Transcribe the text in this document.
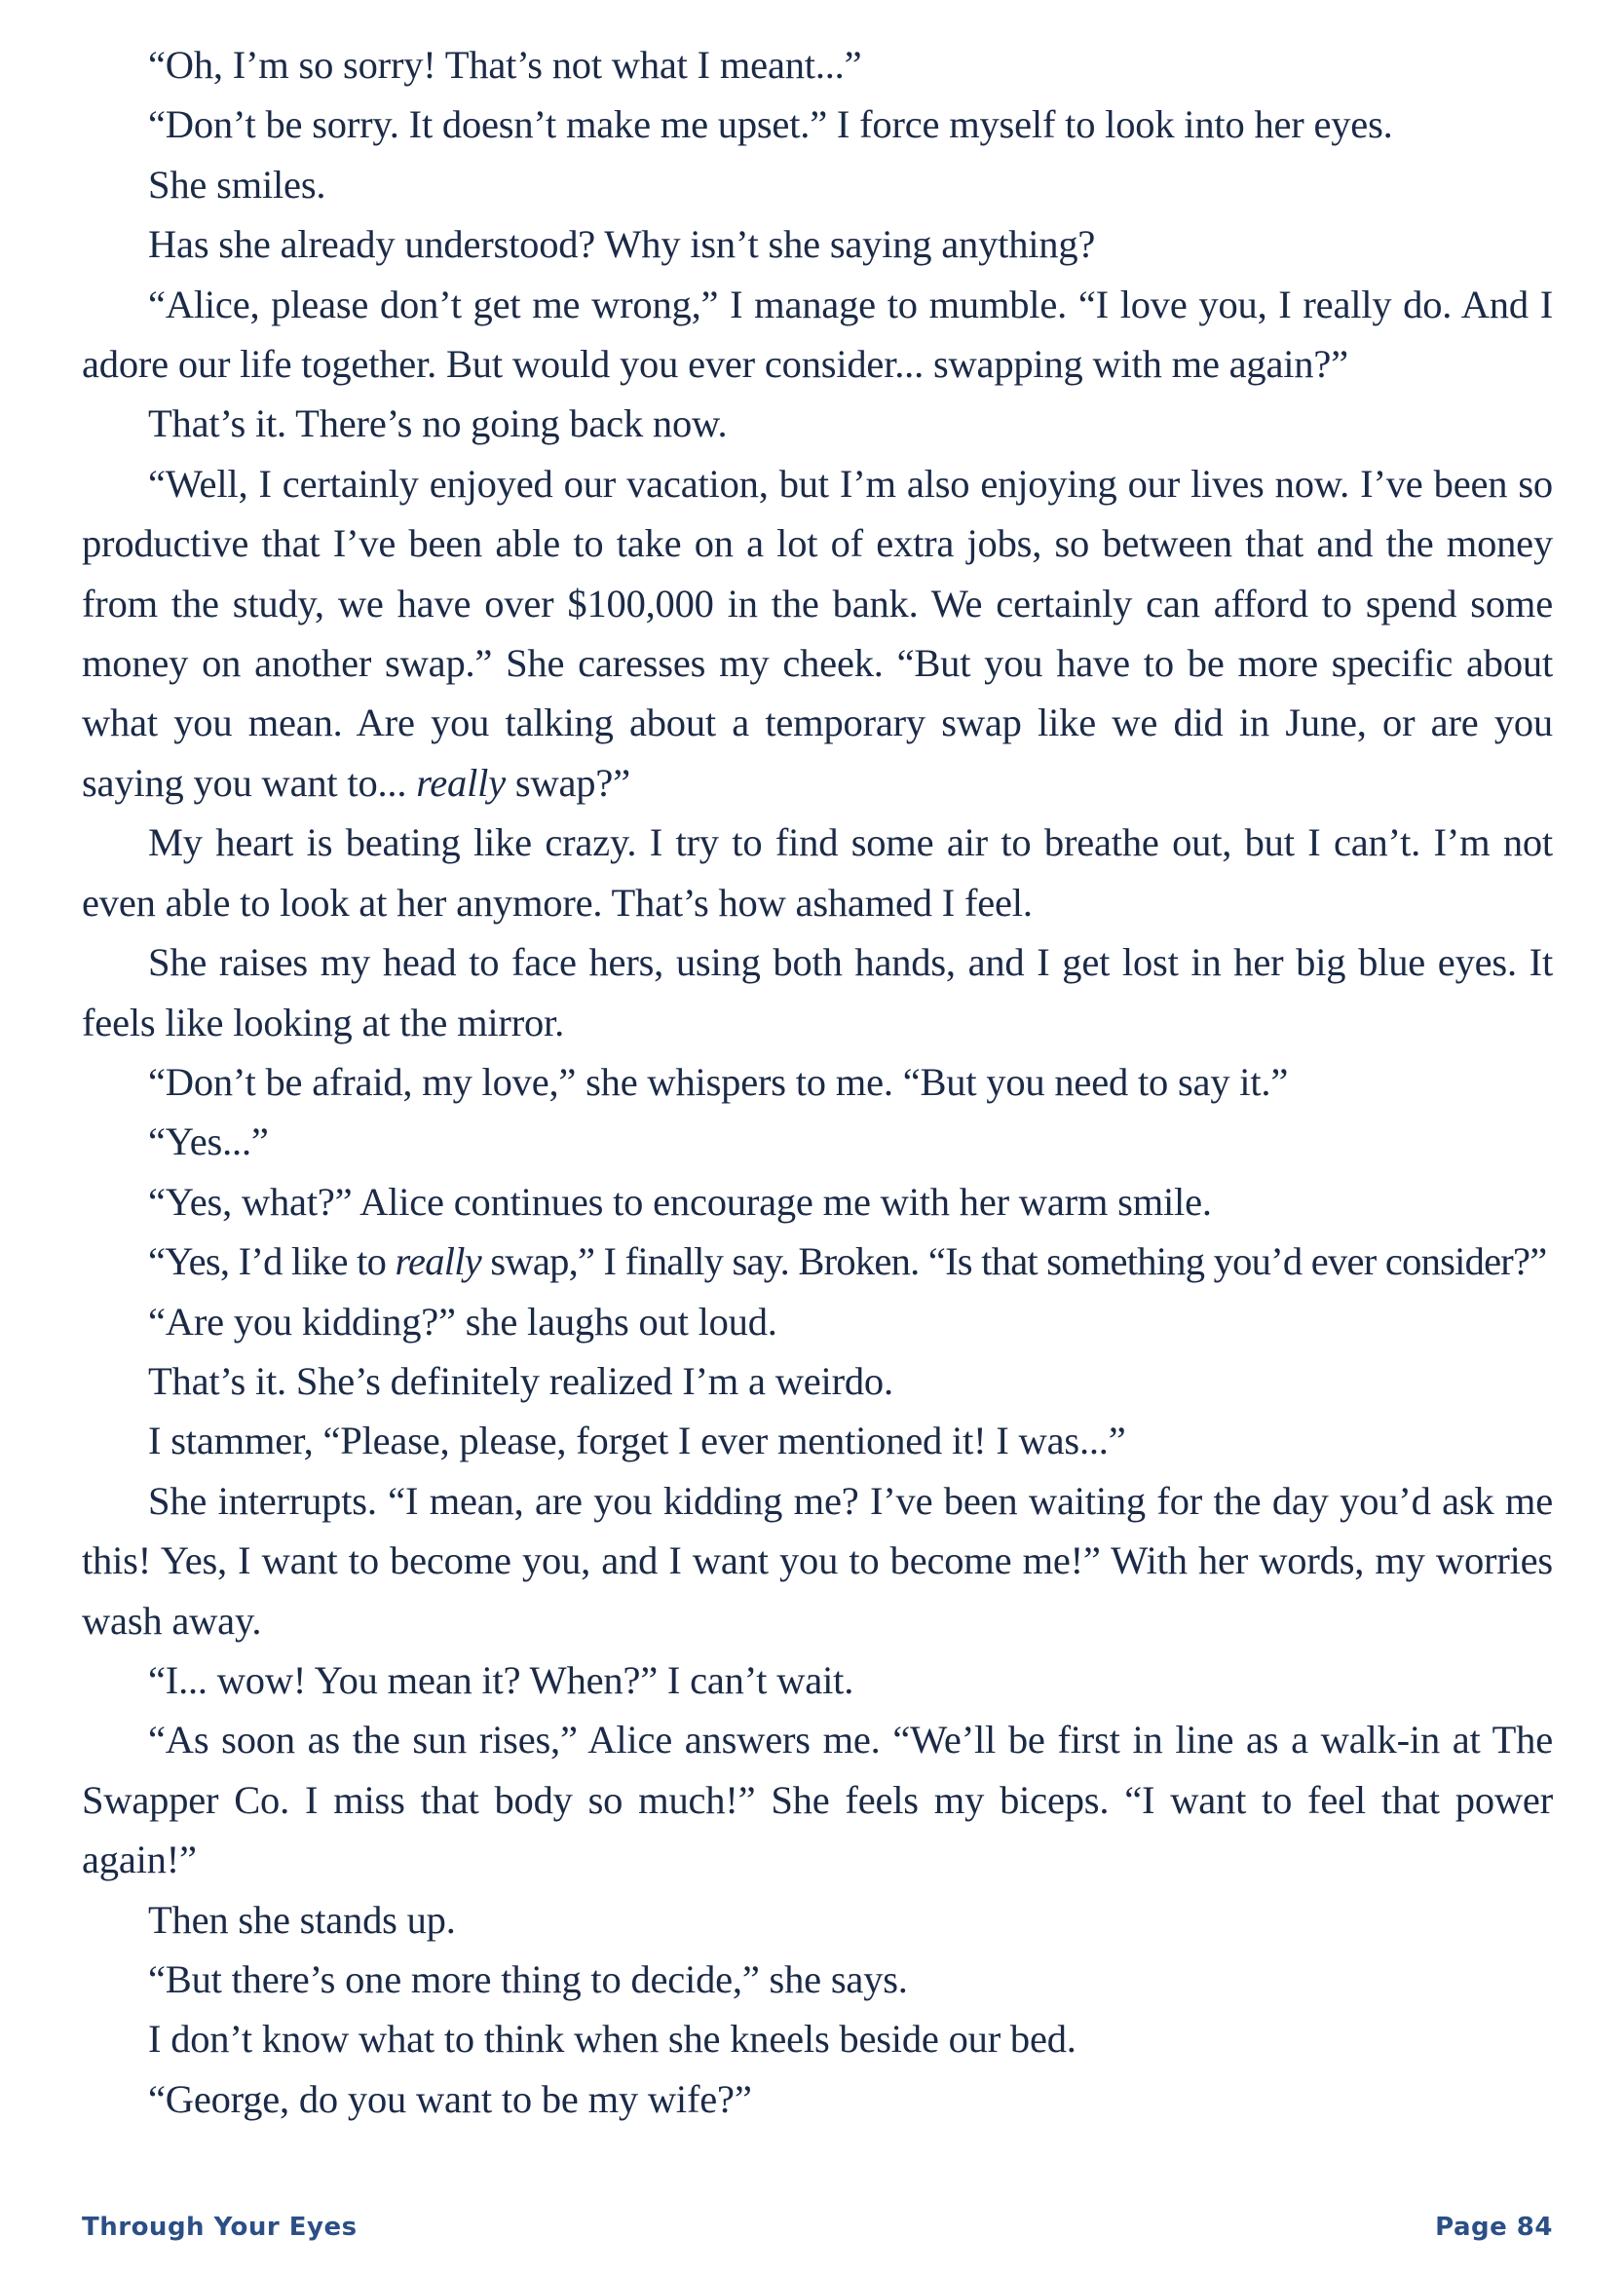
“Oh, I’m so sorry! That’s not what I meant...”

“Don’t be sorry. It doesn’t make me upset.” I force myself to look into her eyes.

She smiles.

Has she already understood? Why isn’t she saying anything?

“Alice, please don’t get me wrong,” I manage to mumble. “I love you, I really do. And I adore our life together. But would you ever consider... swapping with me again?”

That’s it. There’s no going back now.

“Well, I certainly enjoyed our vacation, but I’m also enjoying our lives now. I’ve been so productive that I’ve been able to take on a lot of extra jobs, so between that and the money from the study, we have over $100,000 in the bank. We certainly can afford to spend some money on another swap.” She caresses my cheek. “But you have to be more specific about what you mean. Are you talking about a temporary swap like we did in June, or are you saying you want to... really swap?”

My heart is beating like crazy. I try to find some air to breathe out, but I can’t. I’m not even able to look at her anymore. That’s how ashamed I feel.

She raises my head to face hers, using both hands, and I get lost in her big blue eyes. It feels like looking at the mirror.

“Don’t be afraid, my love,” she whispers to me. “But you need to say it.”

“Yes...”

“Yes, what?” Alice continues to encourage me with her warm smile.

“Yes, I’d like to really swap,” I finally say. Broken. “Is that something you’d ever consider?”

“Are you kidding?” she laughs out loud.

That’s it. She’s definitely realized I’m a weirdo.

I stammer, “Please, please, forget I ever mentioned it! I was...”

She interrupts. “I mean, are you kidding me? I’ve been waiting for the day you’d ask me this! Yes, I want to become you, and I want you to become me!” With her words, my worries wash away.

“I... wow! You mean it? When?” I can’t wait.

“As soon as the sun rises,” Alice answers me. “We’ll be first in line as a walk-in at The Swapper Co. I miss that body so much!” She feels my biceps. “I want to feel that power again!”

Then she stands up.

“But there’s one more thing to decide,” she says.

I don’t know what to think when she kneels beside our bed.

“George, do you want to be my wife?”

Through Your Eyes	Page 84
